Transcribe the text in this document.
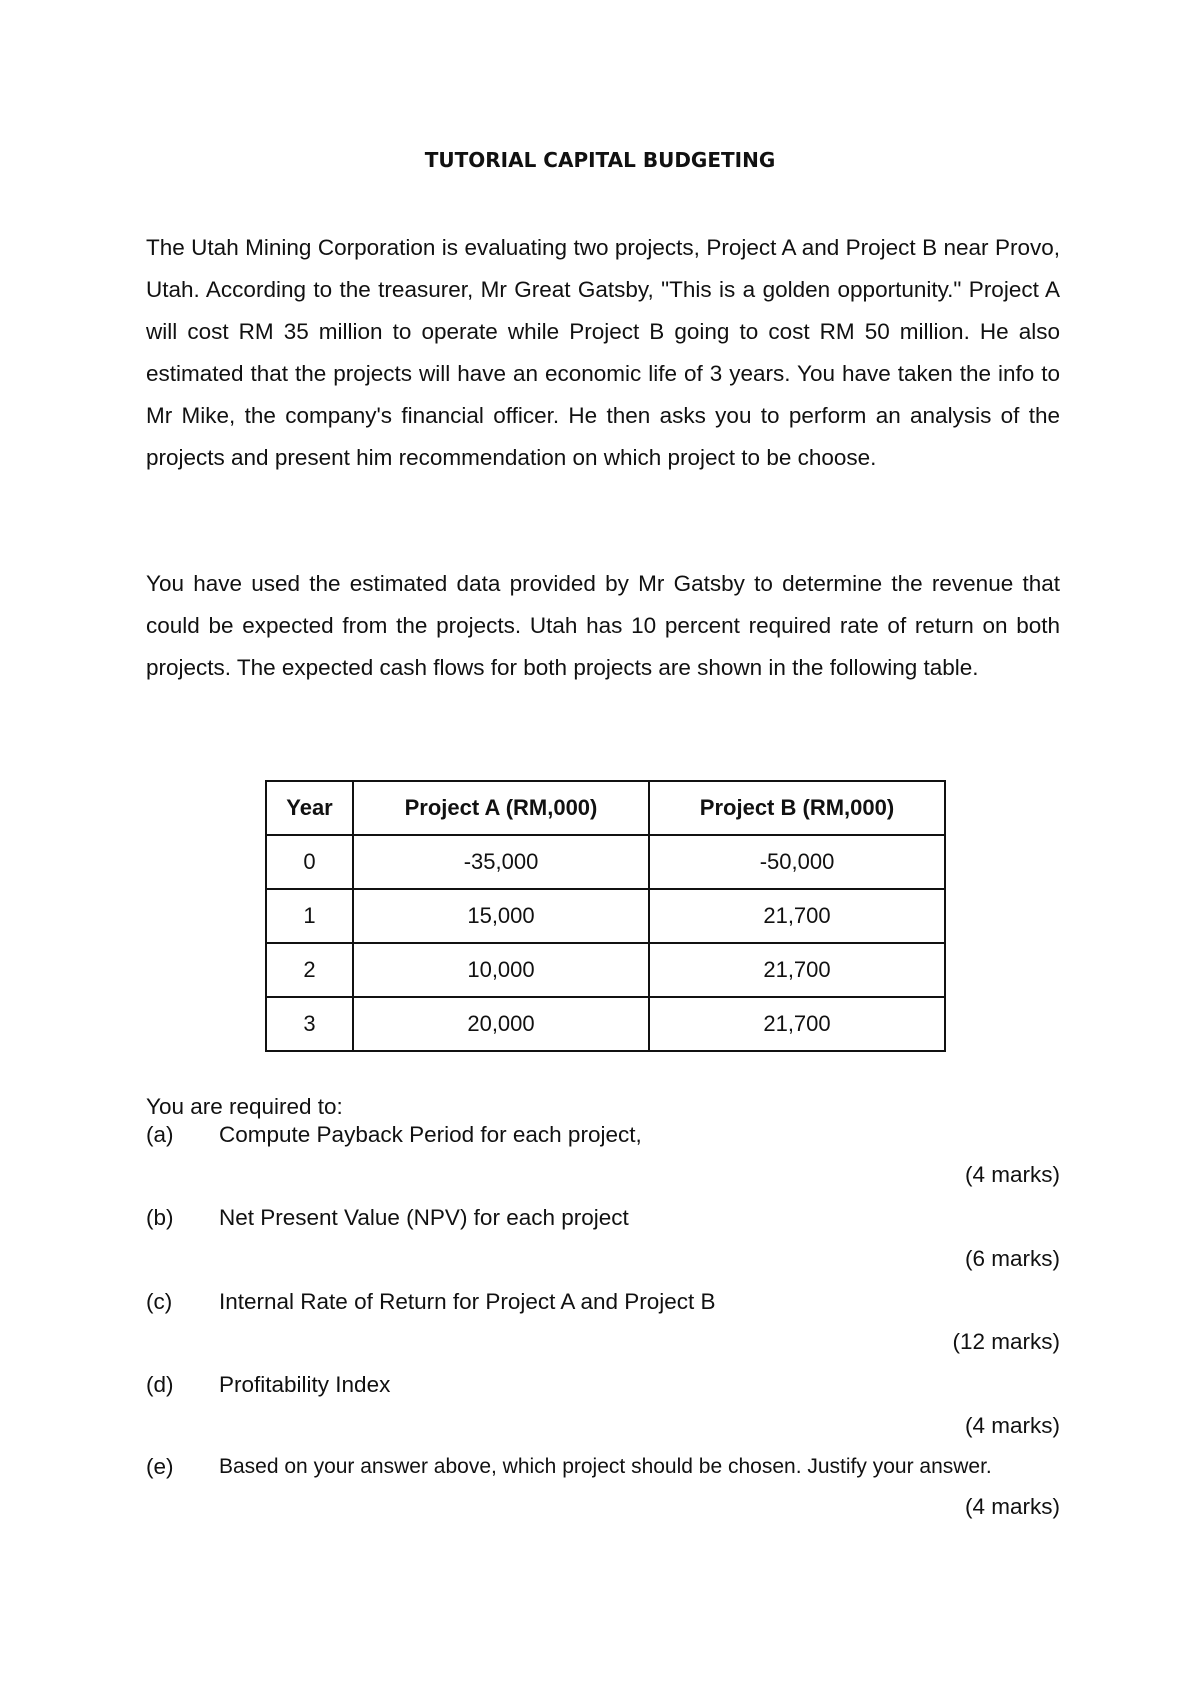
TUTORIAL CAPITAL BUDGETING

The Utah Mining Corporation is evaluating two projects, Project A and Project B near Provo, Utah. According to the treasurer, Mr Great Gatsby, "This is a golden opportunity." Project A will cost RM 35 million to operate while Project B going to cost RM 50 million. He also estimated that the projects will have an economic life of 3 years. You have taken the info to Mr Mike, the company's financial officer. He then asks you to perform an analysis of the projects and present him recommendation on which project to be choose.

You have used the estimated data provided by Mr Gatsby to determine the revenue that could be expected from the projects. Utah has 10 percent required rate of return on both projects. The expected cash flows for both projects are shown in the following table.

Year	Project A (RM,000)	Project B (RM,000)
0	-35,000	-50,000
1	15,000	21,700
2	10,000	21,700
3	20,000	21,700
You are required to:
(a) Compute Payback Period for each project,
(4 marks)
(b) Net Present Value (NPV) for each project
(6 marks)
(c) Internal Rate of Return for Project A and Project B
(12 marks)
(d) Profitability Index
(4 marks)
(e) Based on your answer above, which project should be chosen. Justify your answer.
(4 marks)
